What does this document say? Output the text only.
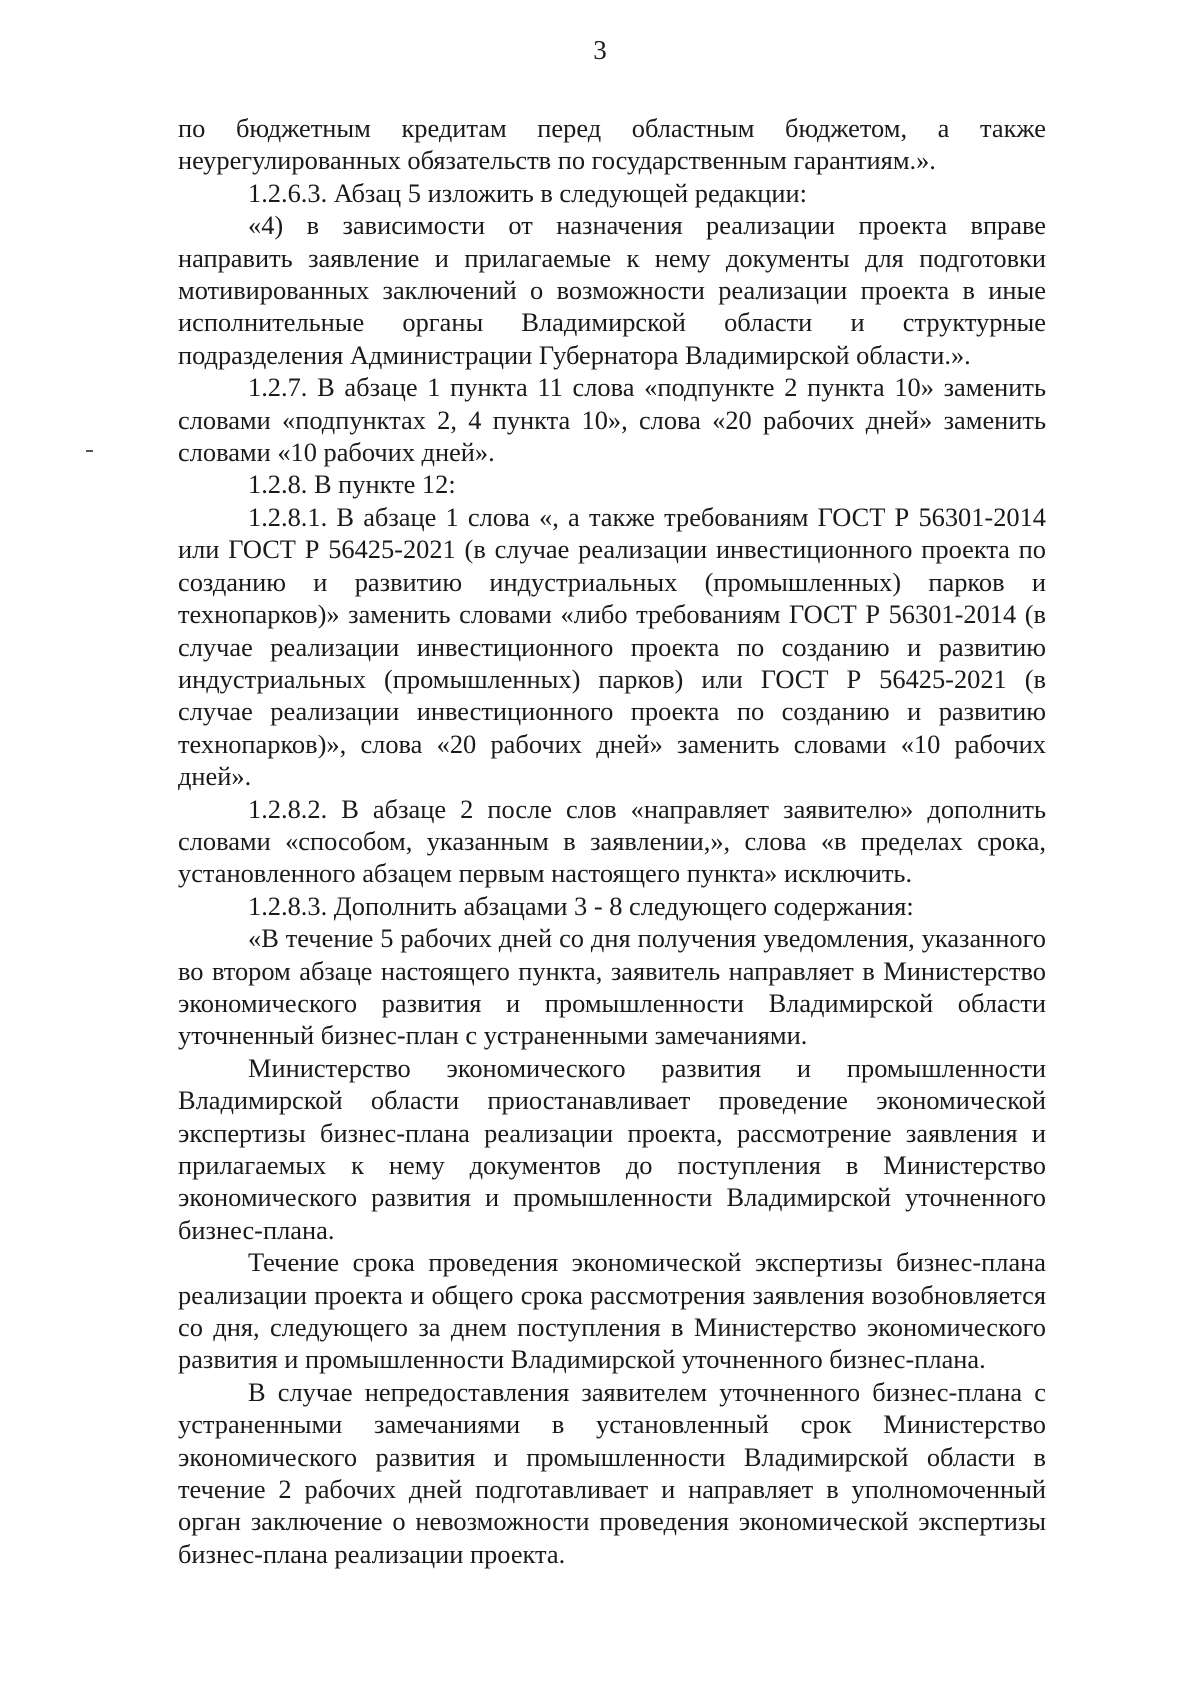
3

по бюджетным кредитам перед областным бюджетом, а также неурегулированных обязательств по государственным гарантиям.».

1.2.6.3. Абзац 5 изложить в следующей редакции:

«4) в зависимости от назначения реализации проекта вправе направить заявление и прилагаемые к нему документы для подготовки мотивированных заключений о возможности реализации проекта в иные исполнительные органы Владимирской области и структурные подразделения Администрации Губернатора Владимирской области.».

1.2.7. В абзаце 1 пункта 11 слова «подпункте 2 пункта 10» заменить словами «подпунктах 2, 4 пункта 10», слова «20 рабочих дней» заменить словами «10 рабочих дней».

1.2.8. В пункте 12:

1.2.8.1. В абзаце 1 слова «, а также требованиям ГОСТ Р 56301-2014 или ГОСТ Р 56425-2021 (в случае реализации инвестиционного проекта по созданию и развитию индустриальных (промышленных) парков и технопарков)» заменить словами «либо требованиям ГОСТ Р 56301-2014 (в случае реализации инвестиционного проекта по созданию и развитию индустриальных (промышленных) парков) или ГОСТ Р 56425-2021 (в случае реализации инвестиционного проекта по созданию и развитию технопарков)», слова «20 рабочих дней» заменить словами «10 рабочих дней».

1.2.8.2. В абзаце 2 после слов «направляет заявителю» дополнить словами «способом, указанным в заявлении,», слова «в пределах срока, установленного абзацем первым настоящего пункта» исключить.

1.2.8.3. Дополнить абзацами 3 - 8 следующего содержания:

«В течение 5 рабочих дней со дня получения уведомления, указанного во втором абзаце настоящего пункта, заявитель направляет в Министерство экономического развития и промышленности Владимирской области уточненный бизнес-план с устраненными замечаниями.

Министерство экономического развития и промышленности Владимирской области приостанавливает проведение экономической экспертизы бизнес-плана реализации проекта, рассмотрение заявления и прилагаемых к нему документов до поступления в Министерство экономического развития и промышленности Владимирской уточненного бизнес-плана.

Течение срока проведения экономической экспертизы бизнес-плана реализации проекта и общего срока рассмотрения заявления возобновляется со дня, следующего за днем поступления в Министерство экономического развития и промышленности Владимирской уточненного бизнес-плана.

В случае непредоставления заявителем уточненного бизнес-плана с устраненными замечаниями в установленный срок Министерство экономического развития и промышленности Владимирской области в течение 2 рабочих дней подготавливает и направляет в уполномоченный орган заключение о невозможности проведения экономической экспертизы бизнес-плана реализации проекта.
